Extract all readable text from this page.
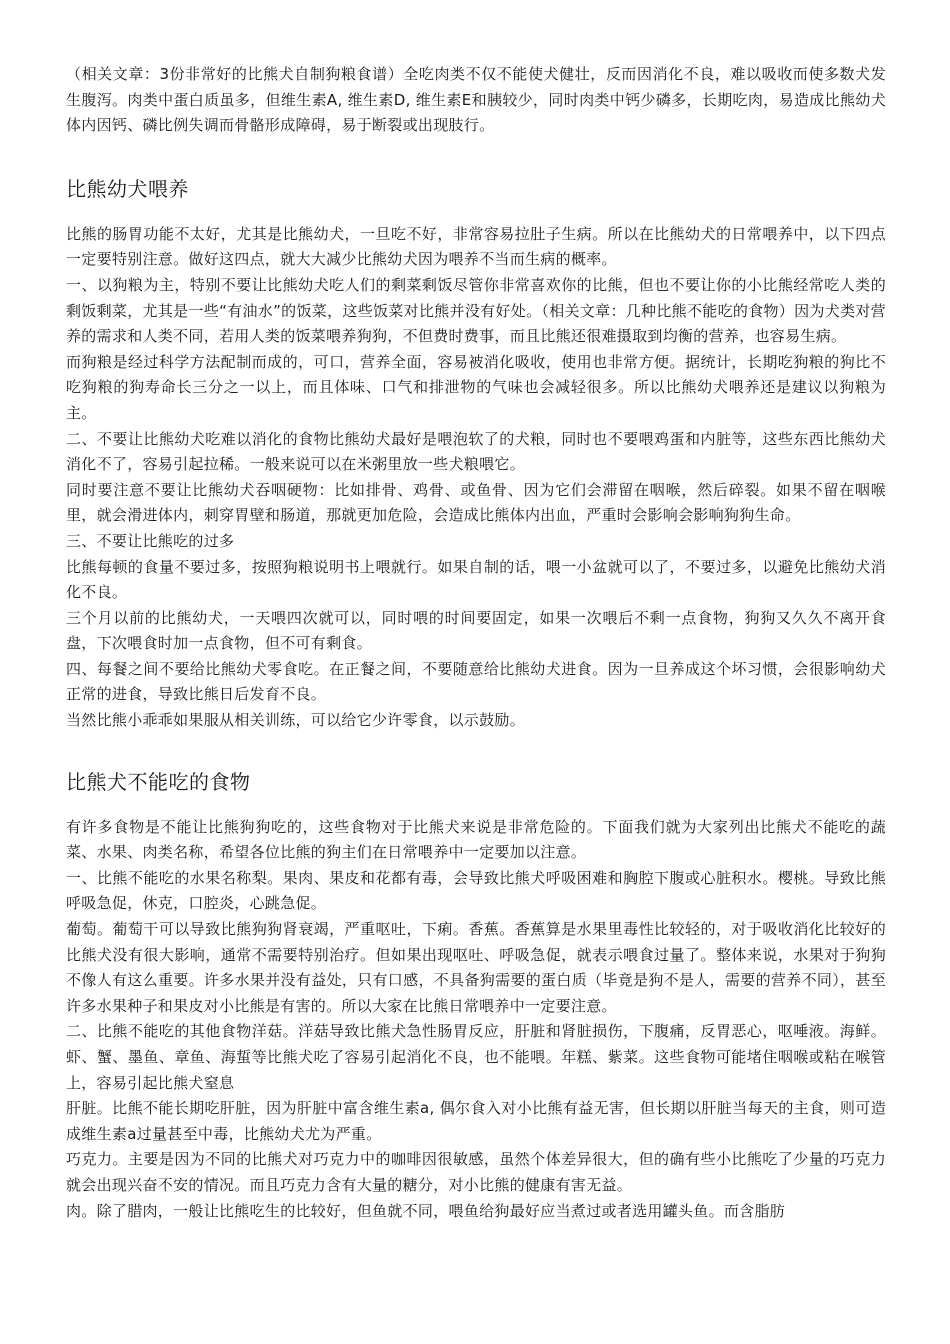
（相关文章：3份非常好的比熊犬自制狗粮食谱）全吃肉类不仅不能使犬健壮，反而因消化不良，难以吸收而使多数犬发生腹泻。肉类中蛋白质虽多，但维生素A, 维生素D, 维生素E和胰较少，同时肉类中钙少磷多，长期吃肉，易造成比熊幼犬体内因钙、磷比例失调而骨骼形成障碍，易于断裂或出现肢行。

比熊幼犬喂养

比熊的肠胃功能不太好，尤其是比熊幼犬，一旦吃不好，非常容易拉肚子生病。所以在比熊幼犬的日常喂养中，以下四点一定要特别注意。做好这四点，就大大减少比熊幼犬因为喂养不当而生病的概率。

一、以狗粮为主，特别不要让比熊幼犬吃人们的剩菜剩饭尽管你非常喜欢你的比熊，但也不要让你的小比熊经常吃人类的剩饭剩菜，尤其是一些“有油水”的饭菜，这些饭菜对比熊并没有好处。（相关文章：几种比熊不能吃的食物）因为犬类对营养的需求和人类不同，若用人类的饭菜喂养狗狗，不但费时费事，而且比熊还很难摄取到均衡的营养，也容易生病。

而狗粮是经过科学方法配制而成的，可口，营养全面，容易被消化吸收，使用也非常方便。据统计，长期吃狗粮的狗比不吃狗粮的狗寿命长三分之一以上，而且体味、口气和排泄物的气味也会减轻很多。所以比熊幼犬喂养还是建议以狗粮为主。

二、不要让比熊幼犬吃难以消化的食物比熊幼犬最好是喂泡软了的犬粮，同时也不要喂鸡蛋和内脏等，这些东西比熊幼犬消化不了，容易引起拉稀。一般来说可以在米粥里放一些犬粮喂它。

同时要注意不要让比熊幼犬吞咽硬物：比如排骨、鸡骨、或鱼骨、因为它们会滞留在咽喉，然后碎裂。如果不留在咽喉里，就会滑进体内，刺穿胃壁和肠道，那就更加危险，会造成比熊体内出血，严重时会影响会影响狗狗生命。

三、不要让比熊吃的过多

比熊每顿的食量不要过多，按照狗粮说明书上喂就行。如果自制的话，喂一小盆就可以了，不要过多，以避免比熊幼犬消化不良。

三个月以前的比熊幼犬，一天喂四次就可以，同时喂的时间要固定，如果一次喂后不剩一点食物，狗狗又久久不离开食盘，下次喂食时加一点食物，但不可有剩食。

四、每餐之间不要给比熊幼犬零食吃。在正餐之间，不要随意给比熊幼犬进食。因为一旦养成这个坏习惯，会很影响幼犬正常的进食，导致比熊日后发育不良。

当然比熊小乖乖如果服从相关训练，可以给它少许零食，以示鼓励。

比熊犬不能吃的食物

有许多食物是不能让比熊狗狗吃的，这些食物对于比熊犬来说是非常危险的。下面我们就为大家列出比熊犬不能吃的蔬菜、水果、肉类名称，希望各位比熊的狗主们在日常喂养中一定要加以注意。

一、比熊不能吃的水果名称梨。果肉、果皮和花都有毒，会导致比熊犬呼吸困难和胸腔下腹或心脏积水。樱桃。导致比熊呼吸急促，休克，口腔炎，心跳急促。

葡萄。葡萄干可以导致比熊狗狗肾衰竭，严重呕吐，下痢。香蕉。香蕉算是水果里毒性比较轻的，对于吸收消化比较好的比熊犬没有很大影响，通常不需要特别治疗。但如果出现呕吐、呼吸急促，就表示喂食过量了。整体来说，水果对于狗狗不像人有这么重要。许多水果并没有益处，只有口感，不具备狗需要的蛋白质（毕竟是狗不是人，需要的营养不同），甚至许多水果种子和果皮对小比熊是有害的。所以大家在比熊日常喂养中一定要注意。

二、比熊不能吃的其他食物洋菇。洋菇导致比熊犬急性肠胃反应，肝脏和肾脏损伤，下腹痛，反胃恶心，呕唾液。海鲜。虾、蟹、墨鱼、章鱼、海蜇等比熊犬吃了容易引起消化不良，也不能喂。年糕、紫菜。这些食物可能堵住咽喉或粘在喉管上，容易引起比熊犬窒息

肝脏。比熊不能长期吃肝脏，因为肝脏中富含维生素a, 偶尔食入对小比熊有益无害，但长期以肝脏当每天的主食，则可造成维生素a过量甚至中毒，比熊幼犬尤为严重。

巧克力。主要是因为不同的比熊犬对巧克力中的咖啡因很敏感，虽然个体差异很大，但的确有些小比熊吃了少量的巧克力就会出现兴奋不安的情况。而且巧克力含有大量的糖分，对小比熊的健康有害无益。

肉。除了腊肉，一般让比熊吃生的比较好，但鱼就不同，喂鱼给狗最好应当煮过或者选用罐头鱼。而含脂肪
